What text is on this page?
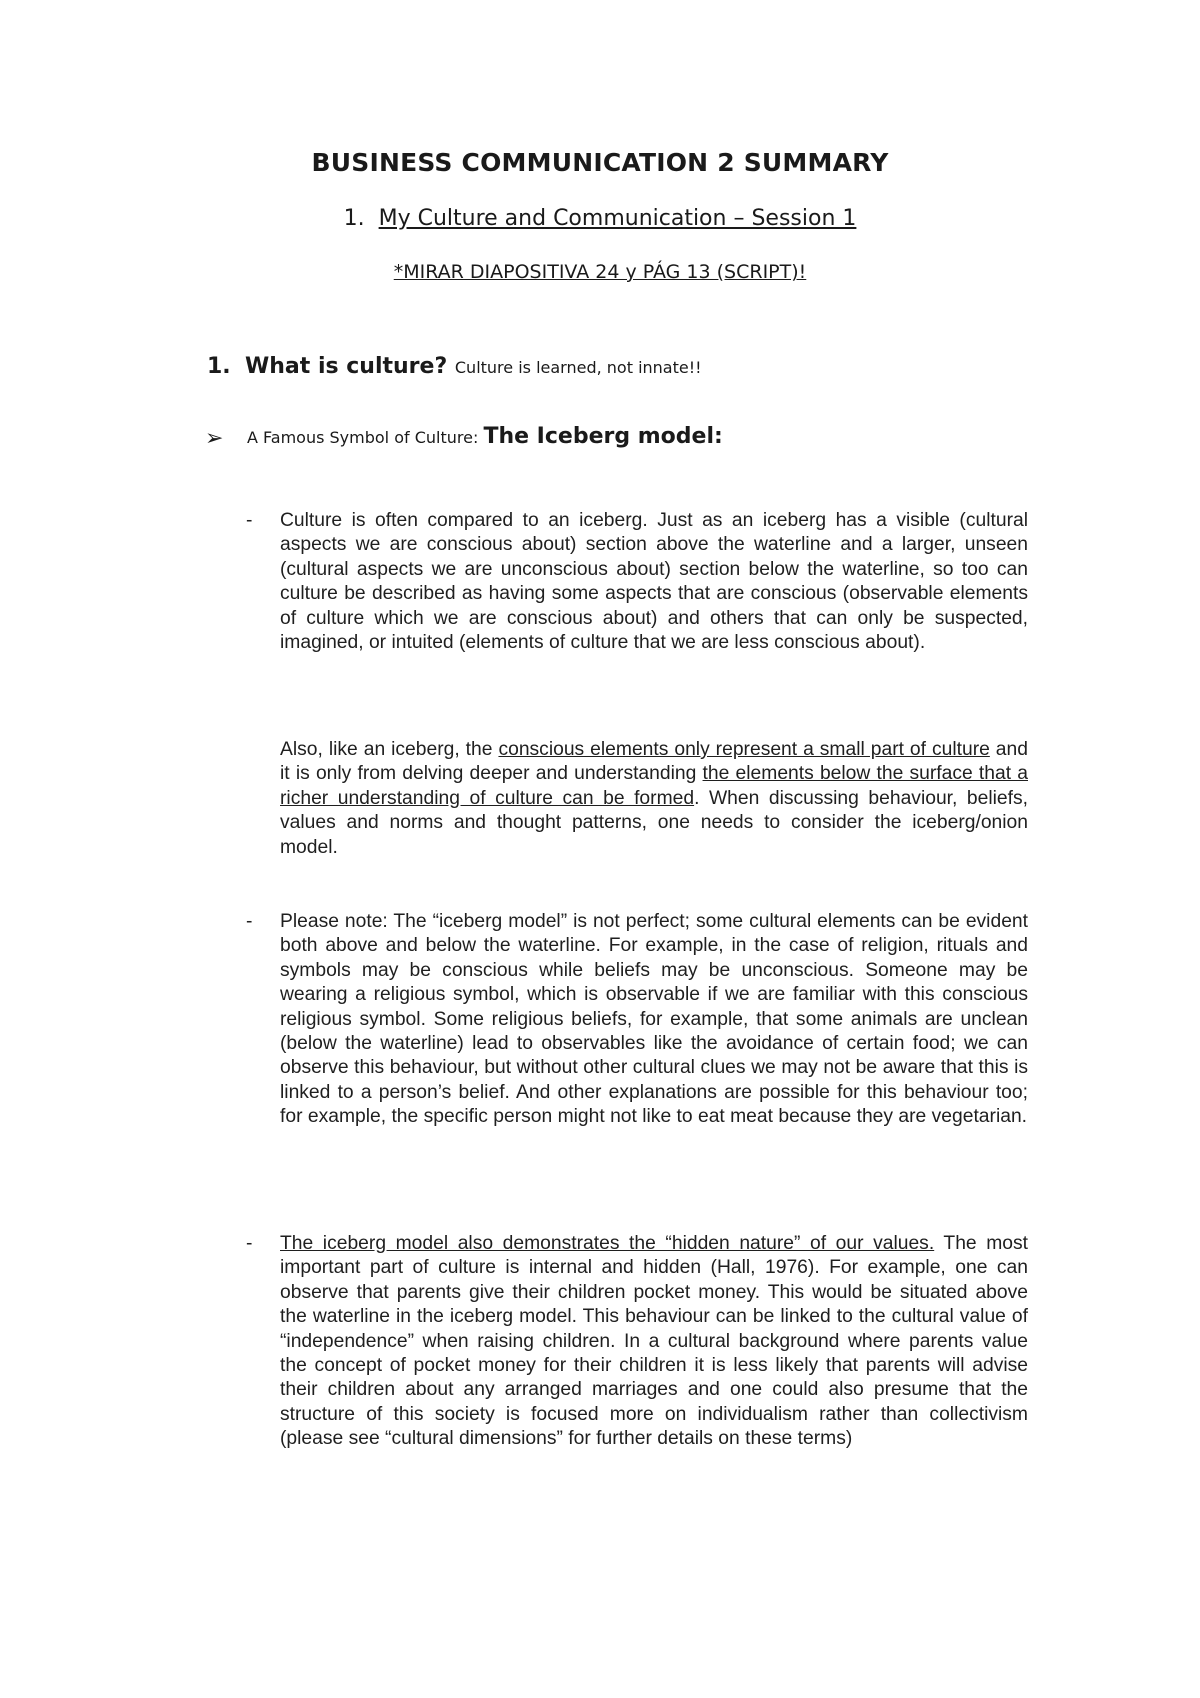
BUSINESS COMMUNICATION 2 SUMMARY
1. My Culture and Communication – Session 1
*MIRAR DIAPOSITIVA 24 y PÁG 13 (SCRIPT)!
1. What is culture? Culture is learned, not innate!!
➢ A Famous Symbol of Culture: The Iceberg model:
- Culture is often compared to an iceberg. Just as an iceberg has a visible (cultural aspects we are conscious about) section above the waterline and a larger, unseen (cultural aspects we are unconscious about) section below the waterline, so too can culture be described as having some aspects that are conscious (observable elements of culture which we are conscious about) and others that can only be suspected, imagined, or intuited (elements of culture that we are less conscious about).
Also, like an iceberg, the conscious elements only represent a small part of culture and it is only from delving deeper and understanding the elements below the surface that a richer understanding of culture can be formed. When discussing behaviour, beliefs, values and norms and thought patterns, one needs to consider the iceberg/onion model.
- Please note: The “iceberg model” is not perfect; some cultural elements can be evident both above and below the waterline. For example, in the case of religion, rituals and symbols may be conscious while beliefs may be unconscious. Someone may be wearing a religious symbol, which is observable if we are familiar with this conscious religious symbol. Some religious beliefs, for example, that some animals are unclean (below the waterline) lead to observables like the avoidance of certain food; we can observe this behaviour, but without other cultural clues we may not be aware that this is linked to a person’s belief. And other explanations are possible for this behaviour too; for example, the specific person might not like to eat meat because they are vegetarian.
- The iceberg model also demonstrates the “hidden nature” of our values. The most important part of culture is internal and hidden (Hall, 1976). For example, one can observe that parents give their children pocket money. This would be situated above the waterline in the iceberg model. This behaviour can be linked to the cultural value of “independence” when raising children. In a cultural background where parents value the concept of pocket money for their children it is less likely that parents will advise their children about any arranged marriages and one could also presume that the structure of this society is focused more on individualism rather than collectivism (please see “cultural dimensions” for further details on these terms)
